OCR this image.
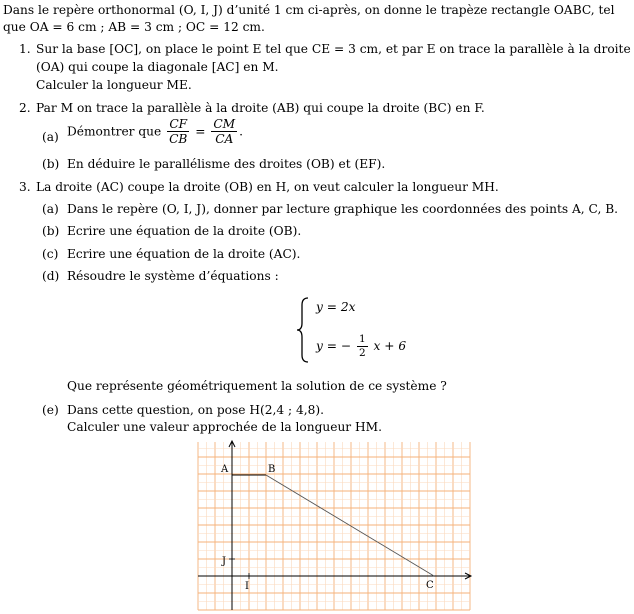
Dans le repère orthonormal (O, I, J) d’unité 1 cm ci-après, on donne le trapèze rectangle OABC, tel
que OA = 6 cm ; AB = 3 cm ; OC = 12 cm.
1. Sur la base [OC], on place le point E tel que CE = 3 cm, et par E on trace la parallèle à la droite
(OA) qui coupe la diagonale [AC] en M.
Calculer la longueur ME.
2. Par M on trace la parallèle à la droite (AB) qui coupe la droite (BC) en F.
(a) Démontrer que $\frac{CF}{CB} = \frac{CM}{CA}$ .
(b) En déduire le parallélisme des droites (OB) et (EF).
3. La droite (AC) coupe la droite (OB) en H, on veut calculer la longueur MH.
(a) Dans le repère (O, I, J), donner par lecture graphique les coordonnées des points A, C, B.
(b) Ecrire une équation de la droite (OB).
(c) Ecrire une équation de la droite (AC).
(d) Résoudre le système d’équations :
y = 2x
y = − $\frac{1}{2}$ x + 6
Que représente géométriquement la solution de ce système ?
(e) Dans cette question, on pose H(2,4 ; 4,8).
Calculer une valeur approchée de la longueur HM.
A	B
C
I
J
